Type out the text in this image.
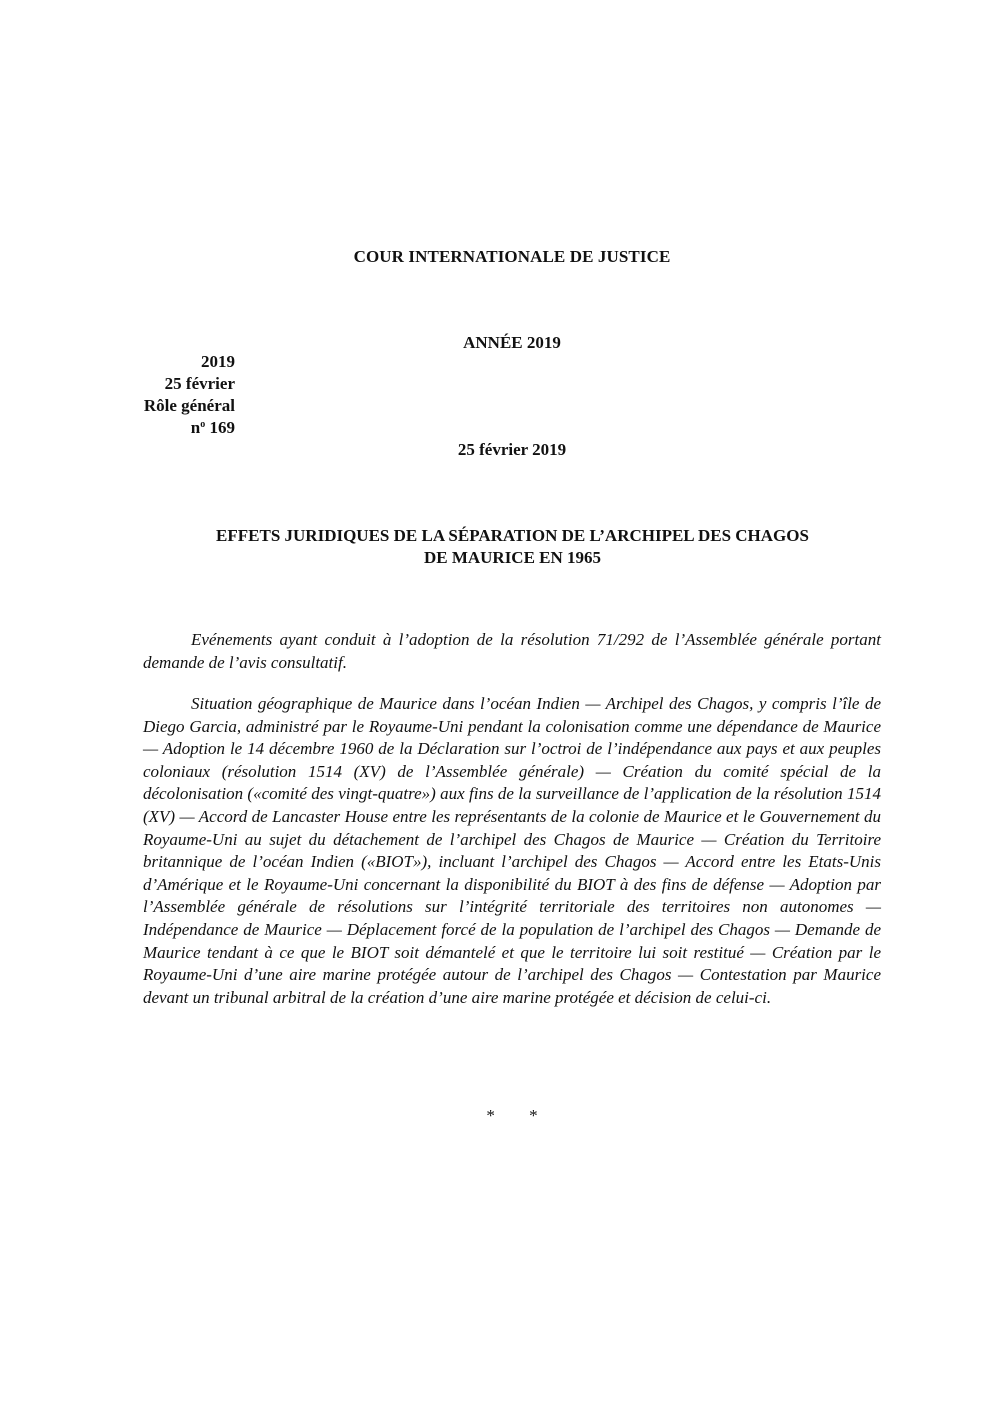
COUR INTERNATIONALE DE JUSTICE
ANNÉE 2019
2019
25 février
Rôle général
$n^o$ 169
25 février 2019
EFFETS JURIDIQUES DE LA SÉPARATION DE L’ARCHIPEL DES CHAGOS
DE MAURICE EN 1965

Evénements ayant conduit à l’adoption de la résolution 71/292 de l’Assemblée générale portant demande de l’avis consultatif.

Situation géographique de Maurice dans l’océan Indien — Archipel des Chagos, y compris l’île de Diego Garcia, administré par le Royaume-Uni pendant la colonisation comme une dépendance de Maurice — Adoption le 14 décembre 1960 de la Déclaration sur l’octroi de l’indépendance aux pays et aux peuples coloniaux (résolution 1514 (XV) de l’Assemblée générale) — Création du comité spécial de la décolonisation («comité des vingt-quatre») aux fins de la surveillance de l’application de la résolution 1514 (XV) — Accord de Lancaster House entre les représentants de la colonie de Maurice et le Gouvernement du Royaume-Uni au sujet du détachement de l’archipel des Chagos de Maurice — Création du Territoire britannique de l’océan Indien («BIOT»), incluant l’archipel des Chagos — Accord entre les Etats-Unis d’Amérique et le Royaume-Uni concernant la disponibilité du BIOT à des fins de défense — Adoption par l’Assemblée générale de résolutions sur l’intégrité territoriale des territoires non autonomes — Indépendance de Maurice — Déplacement forcé de la population de l’archipel des Chagos — Demande de Maurice tendant à ce que le BIOT soit démantelé et que le territoire lui soit restitué — Création par le Royaume-Uni d’une aire marine protégée autour de l’archipel des Chagos — Contestation par Maurice devant un tribunal arbitral de la création d’une aire marine protégée et décision de celui-ci.

* *
